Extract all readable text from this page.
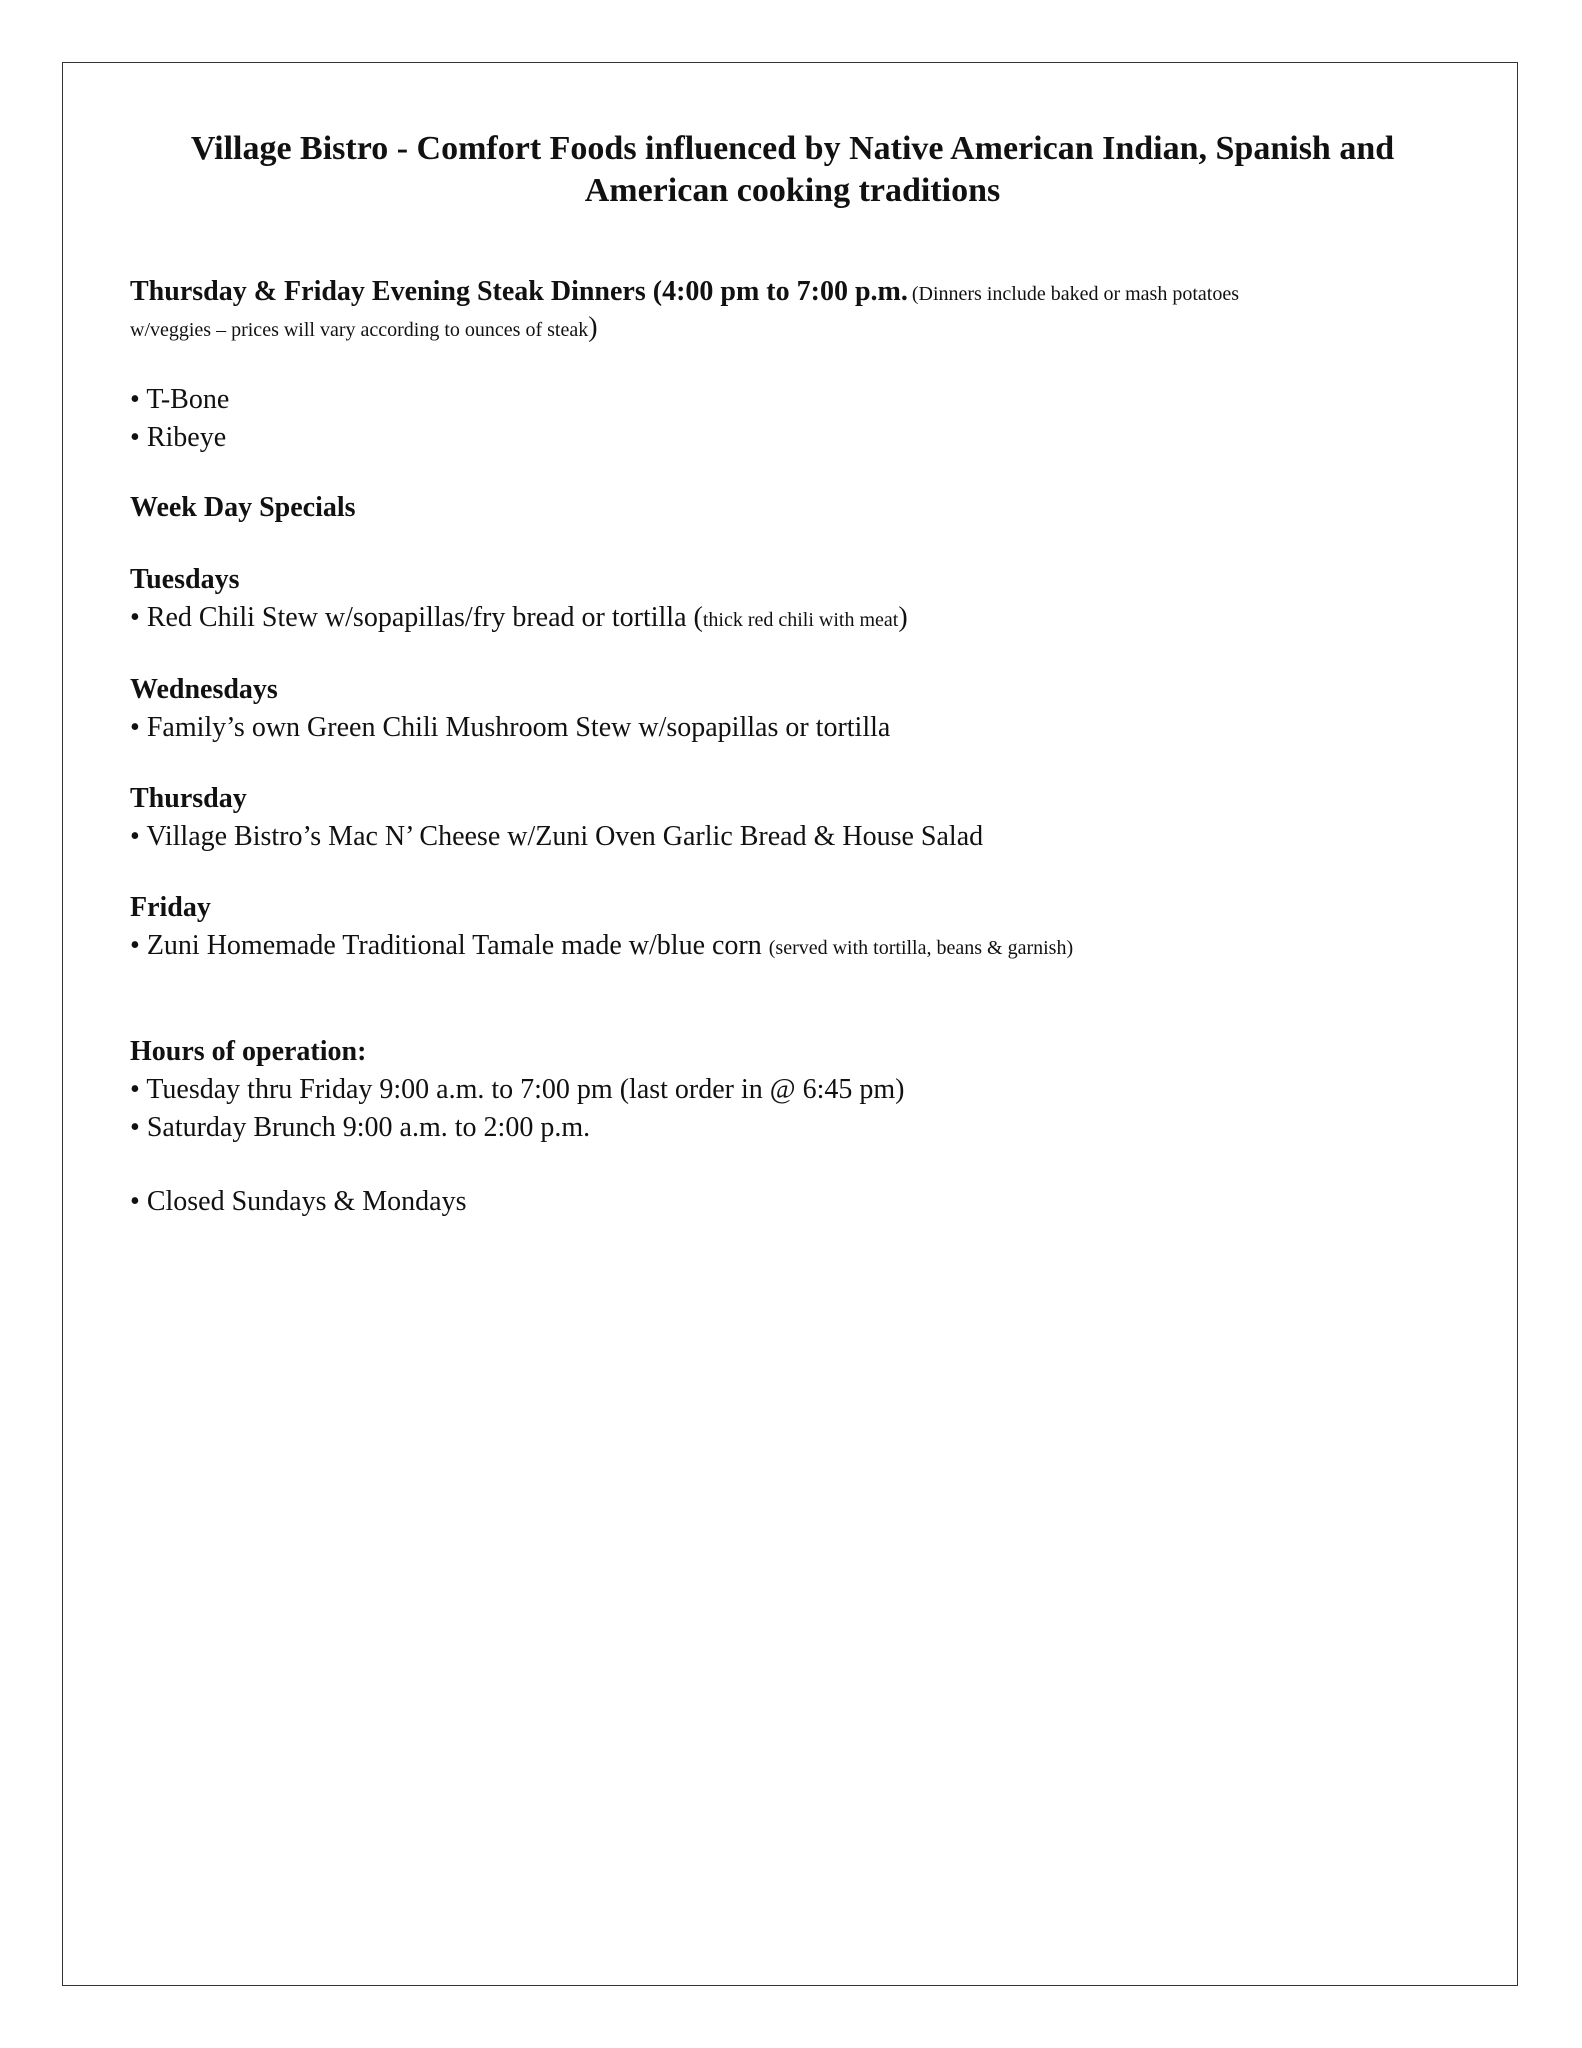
Village Bistro - Comfort Foods influenced by Native American Indian, Spanish and American cooking traditions
Thursday & Friday Evening Steak Dinners (4:00 pm to 7:00 p.m. (Dinners include baked or mash potatoes
w/veggies – prices will vary according to ounces of steak)
• T-Bone
• Ribeye
Week Day Specials
Tuesdays
• Red Chili Stew w/sopapillas/fry bread or tortilla (thick red chili with meat)
Wednesdays
• Family’s own Green Chili Mushroom Stew w/sopapillas or tortilla
Thursday
• Village Bistro’s Mac N’ Cheese w/Zuni Oven Garlic Bread & House Salad
Friday
• Zuni Homemade Traditional Tamale made w/blue corn (served with tortilla, beans & garnish)
Hours of operation:
• Tuesday thru Friday 9:00 a.m. to 7:00 pm (last order in @ 6:45 pm)
• Saturday Brunch 9:00 a.m. to 2:00 p.m.
• Closed Sundays & Mondays
